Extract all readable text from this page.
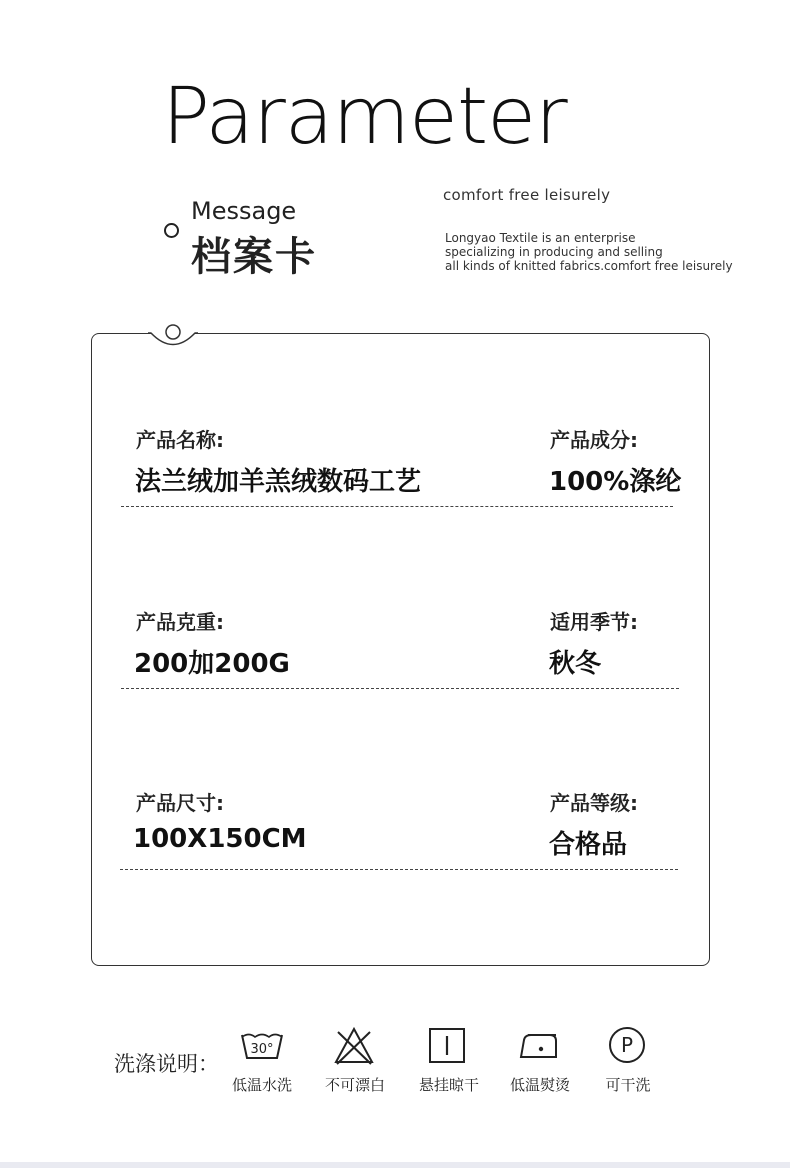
Parameter
Message
档案卡
comfort free leisurely
Longyao Textile is an enterprise
specializing in producing and selling
all kinds of knitted fabrics.comfort free leisurely
产品名称:
法兰绒加羊羔绒数码工艺
产品成分:
100%涤纶
产品克重:
200加200G
适用季节:
秋冬
产品尺寸:
100X150CM
产品等级:
合格品
洗涤说明：
30°
低温水洗 不可漂白 悬挂晾干 低温熨烫
P
可干洗
